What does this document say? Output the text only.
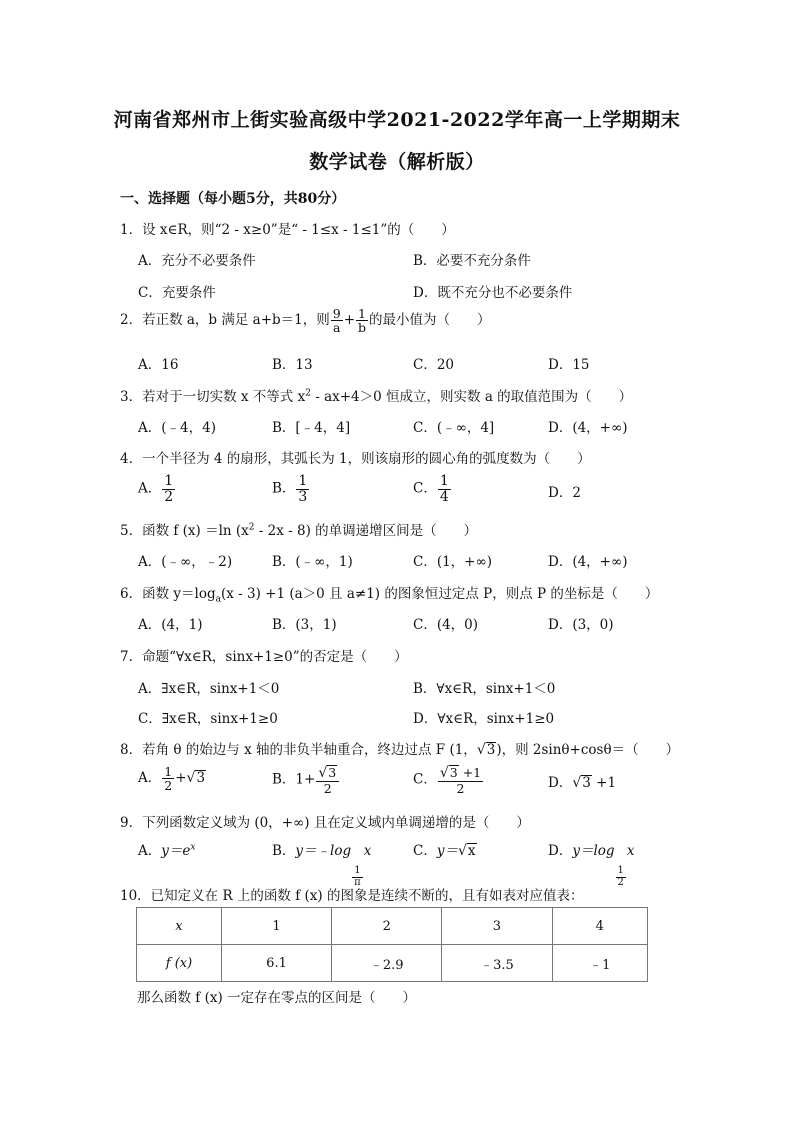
河南省郑州市上街实验高级中学2021-2022学年高一上学期期末
数学试卷（解析版）
一、选择题（每小题5分，共80分）
1．设 x∈R，则“2 - x≥0”是“ - 1≤x - 1≤1”的（　　）
A．充分不必要条件	B．必要不充分条件
C．充要条件	D．既不充分也不必要条件
2．若正数 a，b 满足 a+b＝1，则 $\frac{9}{a} + \frac{1}{b}$ 的最小值为（　　）
A．16	B．13	C．20	D．15
3．若对于一切实数 x 不等式 $x^2 - ax+4>0$ 恒成立，则实数 a 的取值范围为（　　）
A．(﹣4，4)	B．[﹣4，4]	C．(﹣∞，4]	D．(4，+∞)
4．一个半径为 4 的扇形，其弧长为 1，则该扇形的圆心角的弧度数为（　　）
A． $\frac{1}{2}$	B． $\frac{1}{3}$	C． $\frac{1}{4}$	D．2
5．函数 f (x) ＝ln $(x^2 - 2x - 8)$ 的单调递增区间是（　　）
A．(﹣∞，﹣2)	B．(﹣∞，1)	C．(1，+∞)	D．(4，+∞)
6．函数 $y=\log_a(x - 3) +1$ (a＞0 且 a≠1) 的图象恒过定点 P，则点 P 的坐标是（　　）
A．(4，1)	B．(3，1)	C．(4，0)	D．(3，0)
7．命题“∀x∈R，sinx+1≥0”的否定是（　　）
A．∃x∈R，sinx+1＜0	B．∀x∈R，sinx+1＜0
C．∃x∈R，sinx+1≥0	D．∀x∈R，sinx+1≥0
8．若角 θ 的始边与 x 轴的非负半轴重合，终边过点 F (1，√3)，则 2sinθ+cosθ＝（　　）
A． $\frac{1}{2} +√3$	B．$1+ \frac{√3}{2}$	C． $\frac{√3 +1}{2}$	D．√3 +1
9．下列函数定义域为 (0，+∞) 且在定义域内单调递增的是（　　）
A．$y=e^x$	B．y＝﹣log
$\frac{1}{\pi}$
x	C．y＝√x	D．y＝log
$\frac{1}{2}$
x
10．已知定义在 R 上的函数 f (x) 的图象是连续不断的，且有如表对应值表：
x	1	2	3	4
f (x)	6.1	﹣2.9	﹣3.5	﹣1
那么函数 f (x) 一定存在零点的区间是（　　）
